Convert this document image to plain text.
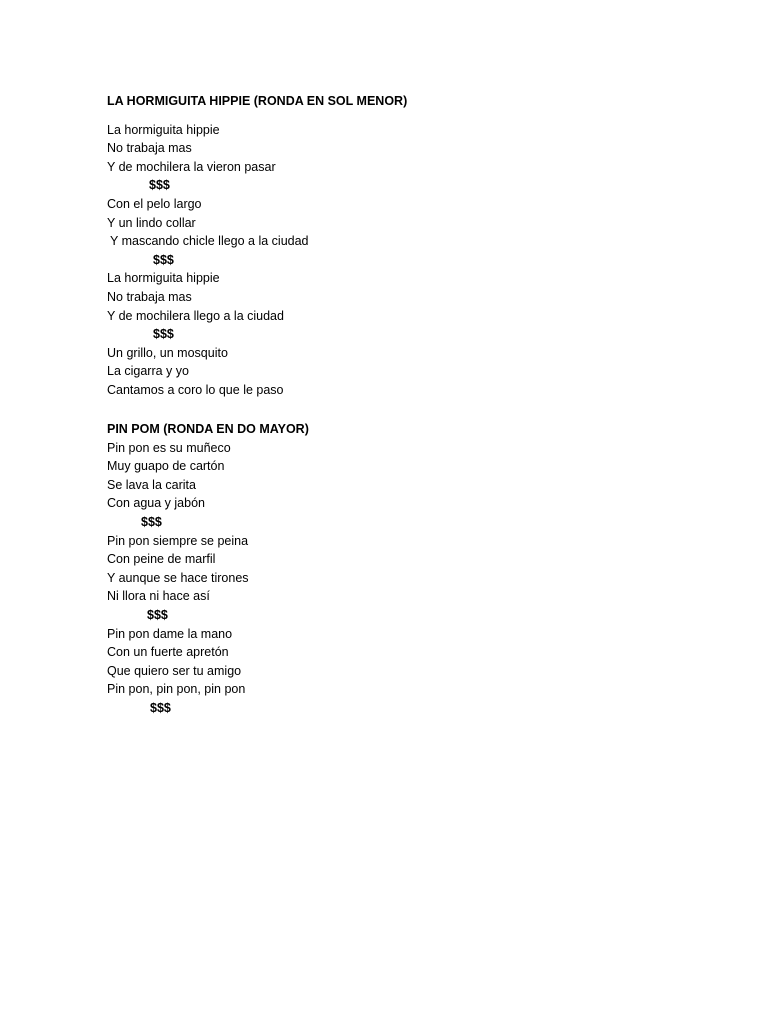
LA HORMIGUITA HIPPIE (RONDA EN SOL MENOR)
La hormiguita hippie
No trabaja mas
Y de mochilera la vieron pasar
$$$
Con el pelo largo
Y un lindo collar
Y mascando chicle llego a la ciudad
$$$
La hormiguita hippie
No trabaja mas
Y de mochilera llego a la ciudad
$$$
Un grillo, un mosquito
La cigarra y yo
Cantamos a coro lo que le paso
PIN POM (RONDA EN DO MAYOR)
Pin pon es su muñeco
Muy guapo de cartón
Se lava la carita
Con agua y jabón
$$$
Pin pon siempre se peina
Con peine de marfil
Y aunque se hace tirones
Ni llora ni hace así
$$$
Pin pon dame la mano
Con un fuerte apretón
Que quiero ser tu amigo
Pin pon, pin pon, pin pon
$$$
